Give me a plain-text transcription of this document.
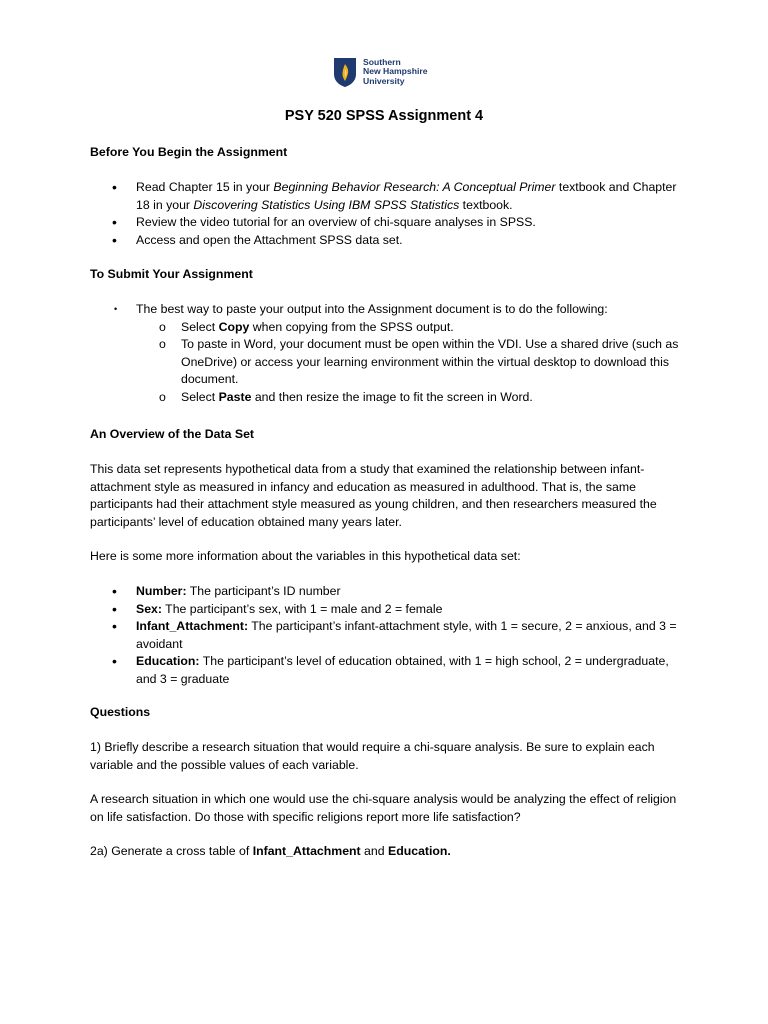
Southern
New Hampshire
University
PSY 520 SPSS Assignment 4

Before You Begin the Assignment

• Read Chapter 15 in your Beginning Behavior Research: A Conceptual Primer textbook and Chapter 18 in your Discovering Statistics Using IBM SPSS Statistics textbook.
• Review the video tutorial for an overview of chi-square analyses in SPSS.
• Access and open the Attachment SPSS data set.

To Submit Your Assignment

• The best way to paste your output into the Assignment document is to do the following:
o Select Copy when copying from the SPSS output.
o To paste in Word, your document must be open within the VDI. Use a shared drive (such as OneDrive) or access your learning environment within the virtual desktop to download this document.
o Select Paste and then resize the image to fit the screen in Word.

An Overview of the Data Set

This data set represents hypothetical data from a study that examined the relationship between infant-attachment style as measured in infancy and education as measured in adulthood. That is, the same participants had their attachment style measured as young children, and then researchers measured the participants’ level of education obtained many years later.

Here is some more information about the variables in this hypothetical data set:

• Number: The participant’s ID number
• Sex: The participant’s sex, with 1 = male and 2 = female
• Infant_Attachment: The participant’s infant-attachment style, with 1 = secure, 2 = anxious, and 3 = avoidant
• Education: The participant’s level of education obtained, with 1 = high school, 2 = undergraduate, and 3 = graduate

Questions

1) Briefly describe a research situation that would require a chi-square analysis. Be sure to explain each variable and the possible values of each variable.

A research situation in which one would use the chi-square analysis would be analyzing the effect of religion on life satisfaction. Do those with specific religions report more life satisfaction?

2a) Generate a cross table of Infant_Attachment and Education.
